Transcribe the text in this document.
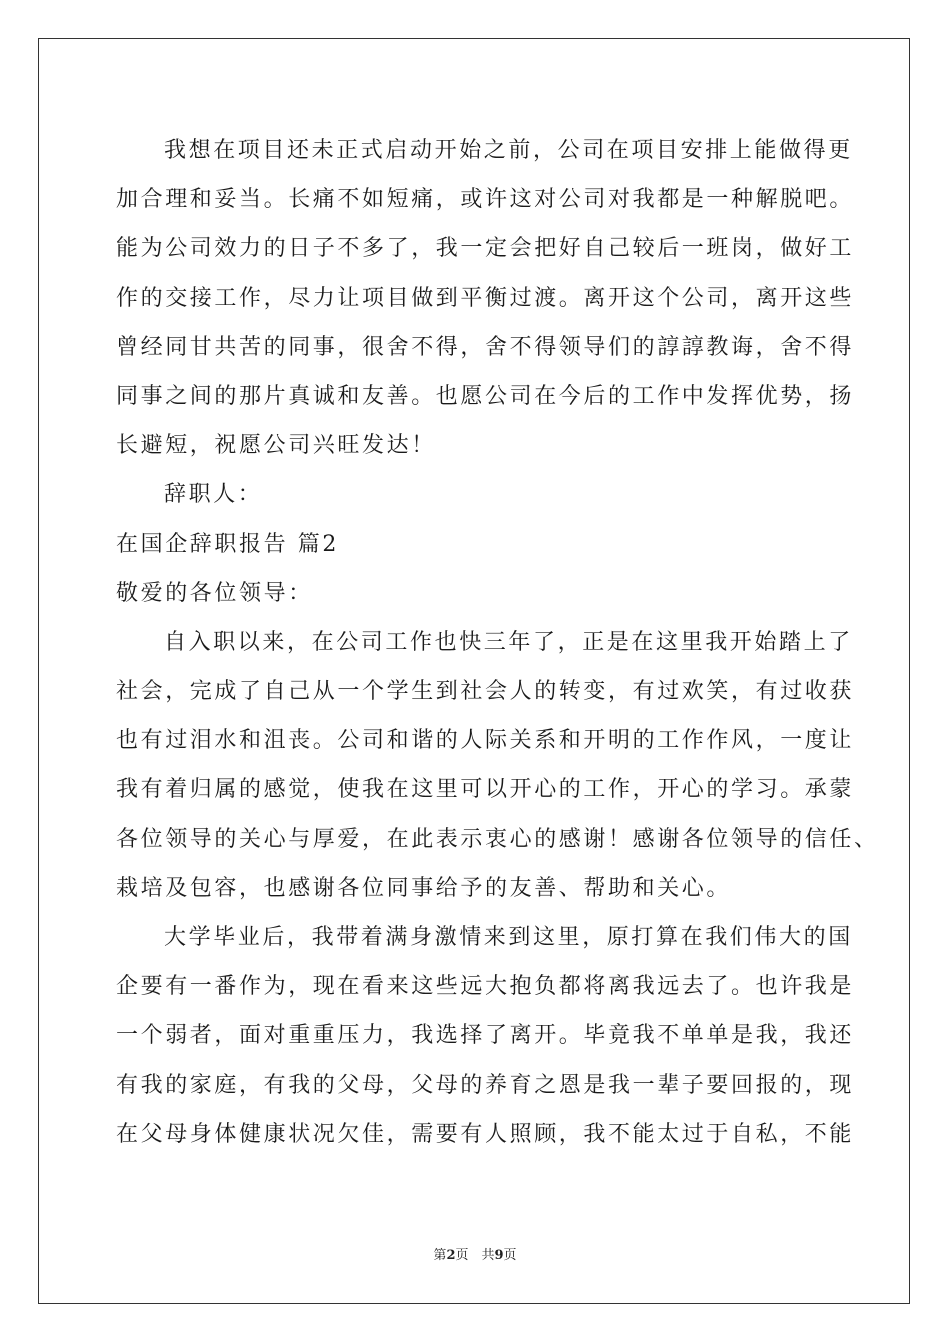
我想在项目还未正式启动开始之前，公司在项目安排上能做得更
加合理和妥当。长痛不如短痛，或许这对公司对我都是一种解脱吧。
能为公司效力的日子不多了，我一定会把好自己较后一班岗，做好工
作的交接工作，尽力让项目做到平衡过渡。离开这个公司，离开这些
曾经同甘共苦的同事，很舍不得，舍不得领导们的諄諄教诲，舍不得
同事之间的那片真诚和友善。也愿公司在今后的工作中发挥优势，扬
长避短，祝愿公司兴旺发达！
辞职人：
在国企辞职报告 篇2
敬爱的各位领导：
自入职以来，在公司工作也快三年了，正是在这里我开始踏上了
社会，完成了自己从一个学生到社会人的转变，有过欢笑，有过收获
也有过泪水和沮丧。公司和谐的人际关系和开明的工作作风，一度让
我有着归属的感觉，使我在这里可以开心的工作，开心的学习。承蒙
各位领导的关心与厚爱，在此表示衷心的感谢！感谢各位领导的信任、
栽培及包容，也感谢各位同事给予的友善、帮助和关心。
大学毕业后，我带着满身激情来到这里，原打算在我们伟大的国
企要有一番作为，现在看来这些远大抱负都将离我远去了。也许我是
一个弱者，面对重重压力，我选择了离开。毕竟我不单单是我，我还
有我的家庭，有我的父母，父母的养育之恩是我一辈子要回报的，现
在父母身体健康状况欠佳，需要有人照顾，我不能太过于自私，不能
第2页　共9页
